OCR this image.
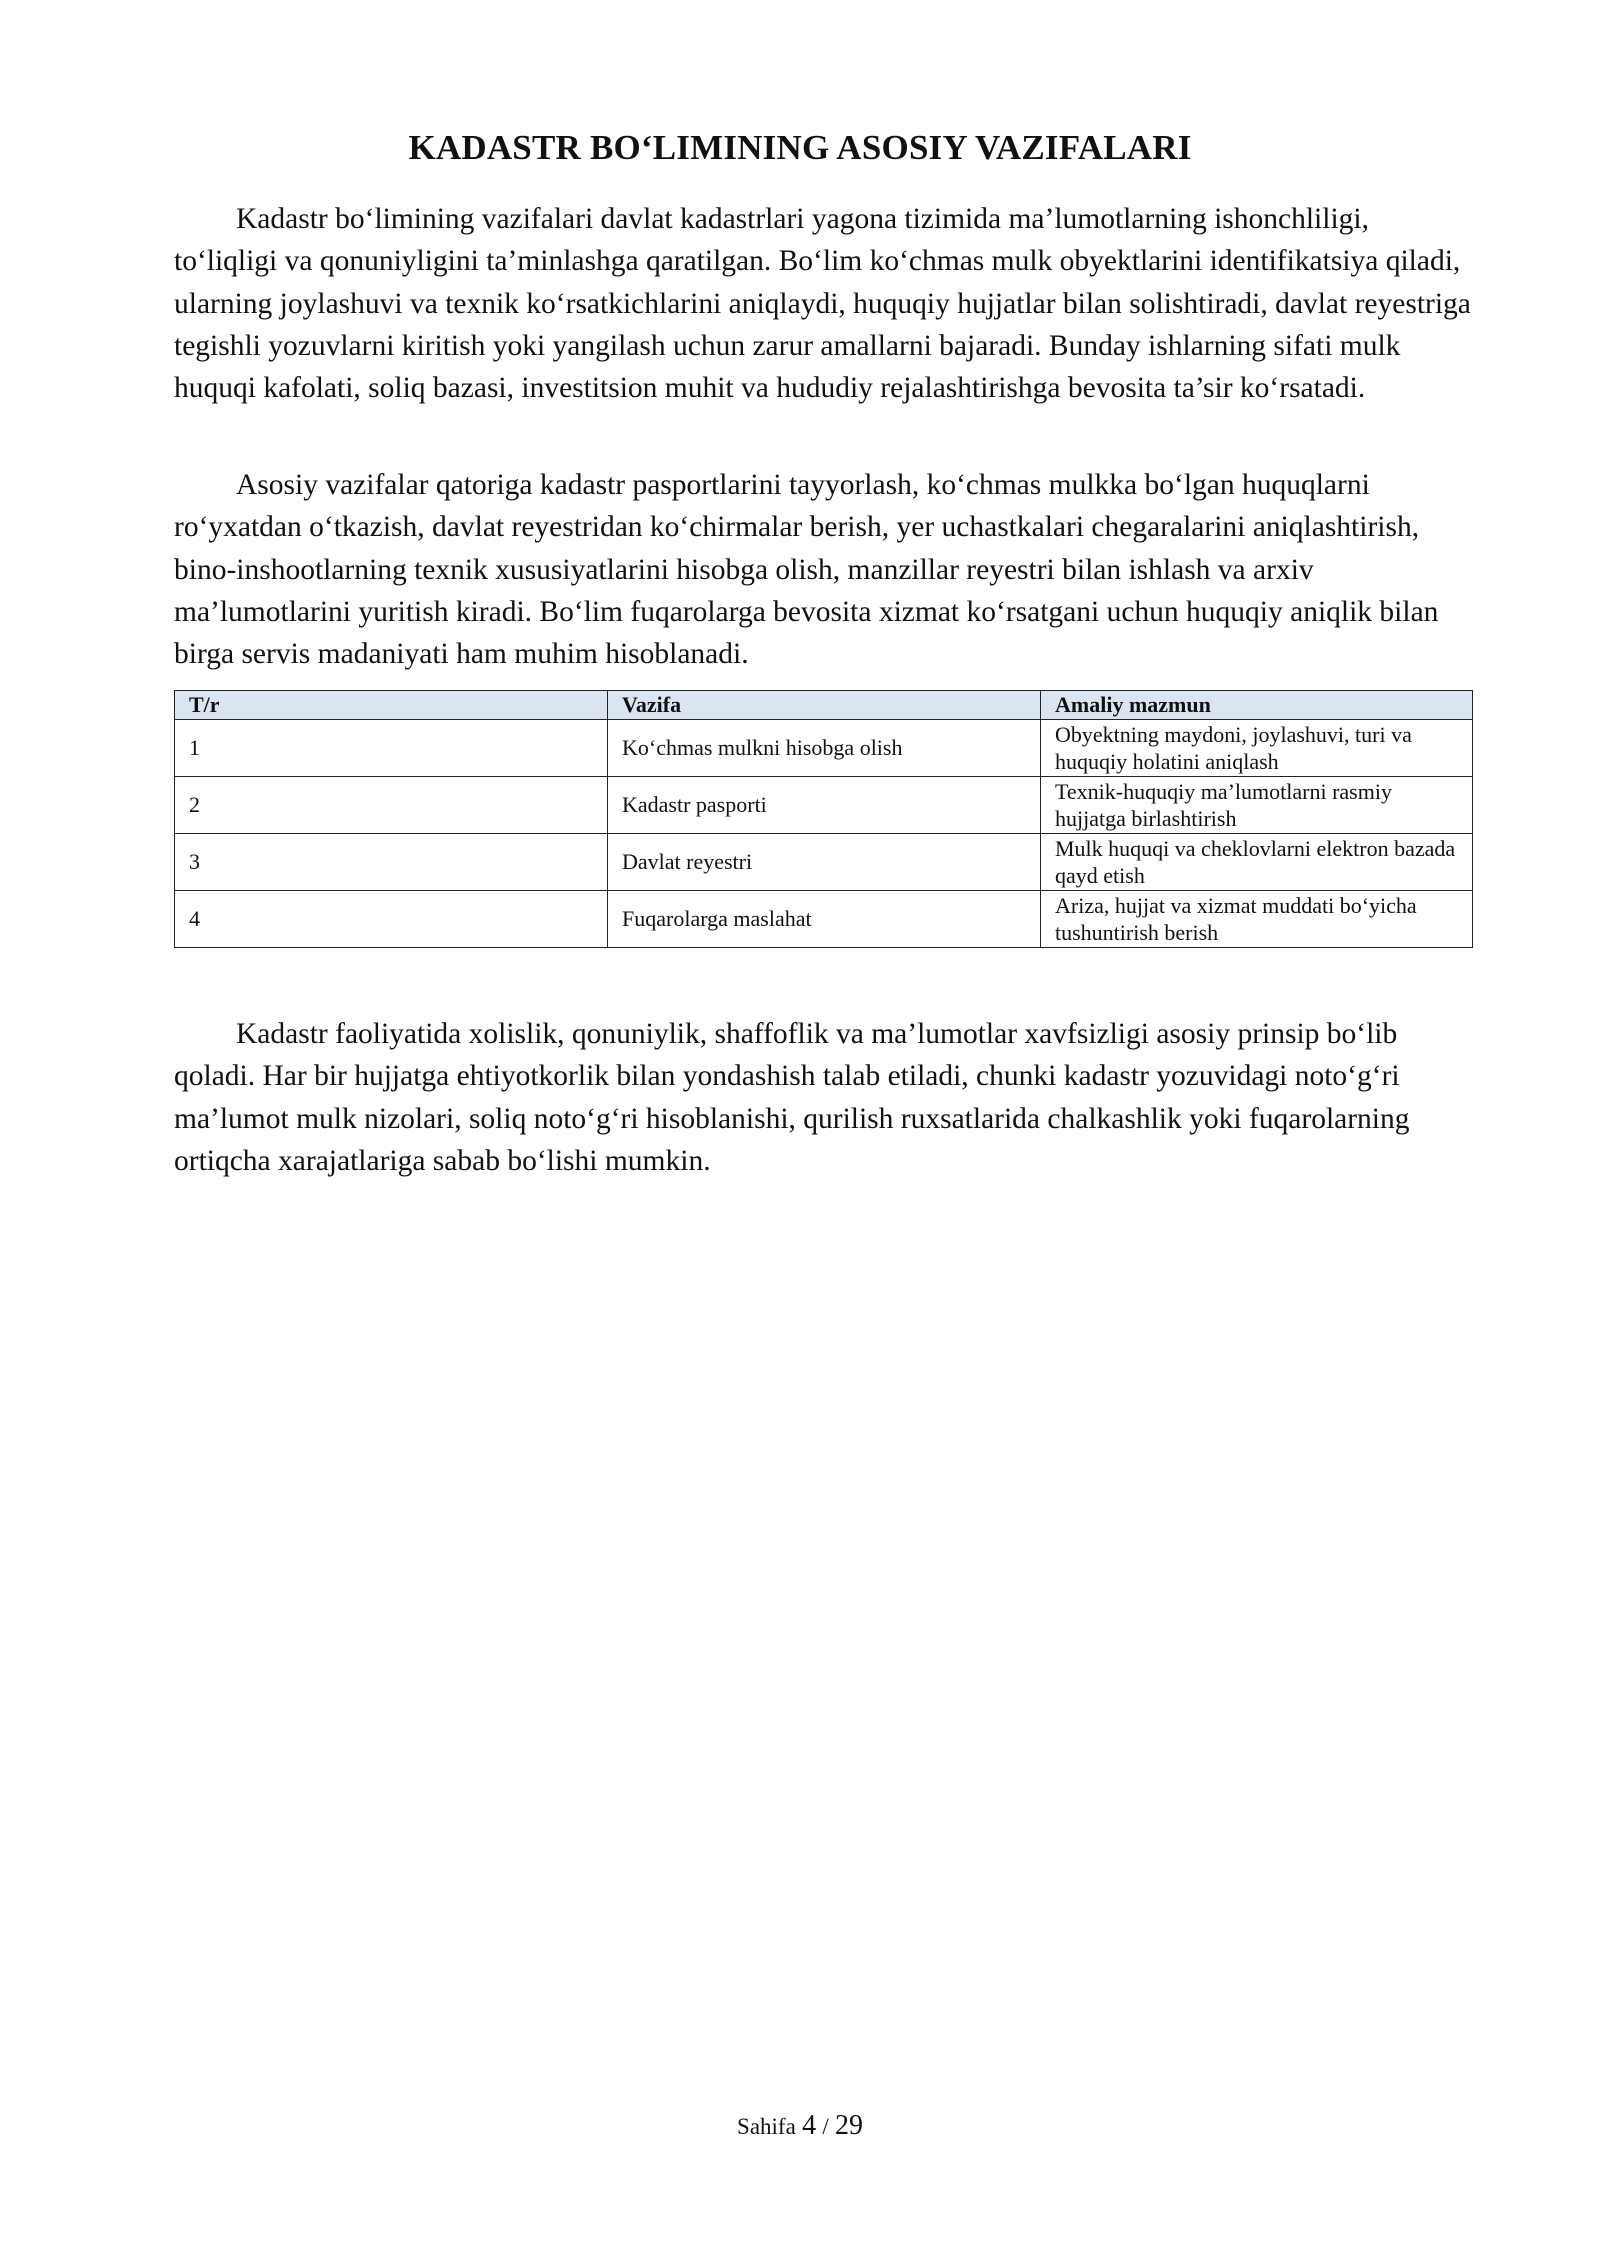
KADASTR BO‘LIMINING ASOSIY VAZIFALARI

Kadastr bo‘limining vazifalari davlat kadastrlari yagona tizimida ma’lumotlarning ishonchliligi, to‘liqligi va qonuniyligini ta’minlashga qaratilgan. Bo‘lim ko‘chmas mulk obyektlarini identifikatsiya qiladi, ularning joylashuvi va texnik ko‘rsatkichlarini aniqlaydi, huquqiy hujjatlar bilan solishtiradi, davlat reyestriga tegishli yozuvlarni kiritish yoki yangilash uchun zarur amallarni bajaradi. Bunday ishlarning sifati mulk huquqi kafolati, soliq bazasi, investitsion muhit va hududiy rejalashtirishga bevosita ta’sir ko‘rsatadi.

Asosiy vazifalar qatoriga kadastr pasportlarini tayyorlash, ko‘chmas mulkka bo‘lgan huquqlarni ro‘yxatdan o‘tkazish, davlat reyestridan ko‘chirmalar berish, yer uchastkalari chegaralarini aniqlashtirish, bino-inshootlarning texnik xususiyatlarini hisobga olish, manzillar reyestri bilan ishlash va arxiv ma’lumotlarini yuritish kiradi. Bo‘lim fuqarolarga bevosita xizmat ko‘rsatgani uchun huquqiy aniqlik bilan birga servis madaniyati ham muhim hisoblanadi.

T/r	Vazifa	Amaliy mazmun
1	Ko‘chmas mulkni hisobga olish	Obyektning maydoni, joylashuvi, turi va huquqiy holatini aniqlash
2	Kadastr pasporti	Texnik-huquqiy ma’lumotlarni rasmiy hujjatga birlashtirish
3	Davlat reyestri	Mulk huquqi va cheklovlarni elektron bazada qayd etish
4	Fuqarolarga maslahat	Ariza, hujjat va xizmat muddati bo‘yicha tushuntirish berish

Kadastr faoliyatida xolislik, qonuniylik, shaffoflik va ma’lumotlar xavfsizligi asosiy prinsip bo‘lib qoladi. Har bir hujjatga ehtiyotkorlik bilan yondashish talab etiladi, chunki kadastr yozuvidagi noto‘g‘ri ma’lumot mulk nizolari, soliq noto‘g‘ri hisoblanishi, qurilish ruxsatlarida chalkashlik yoki fuqarolarning ortiqcha xarajatlariga sabab bo‘lishi mumkin.

Sahifa 4 / 29
